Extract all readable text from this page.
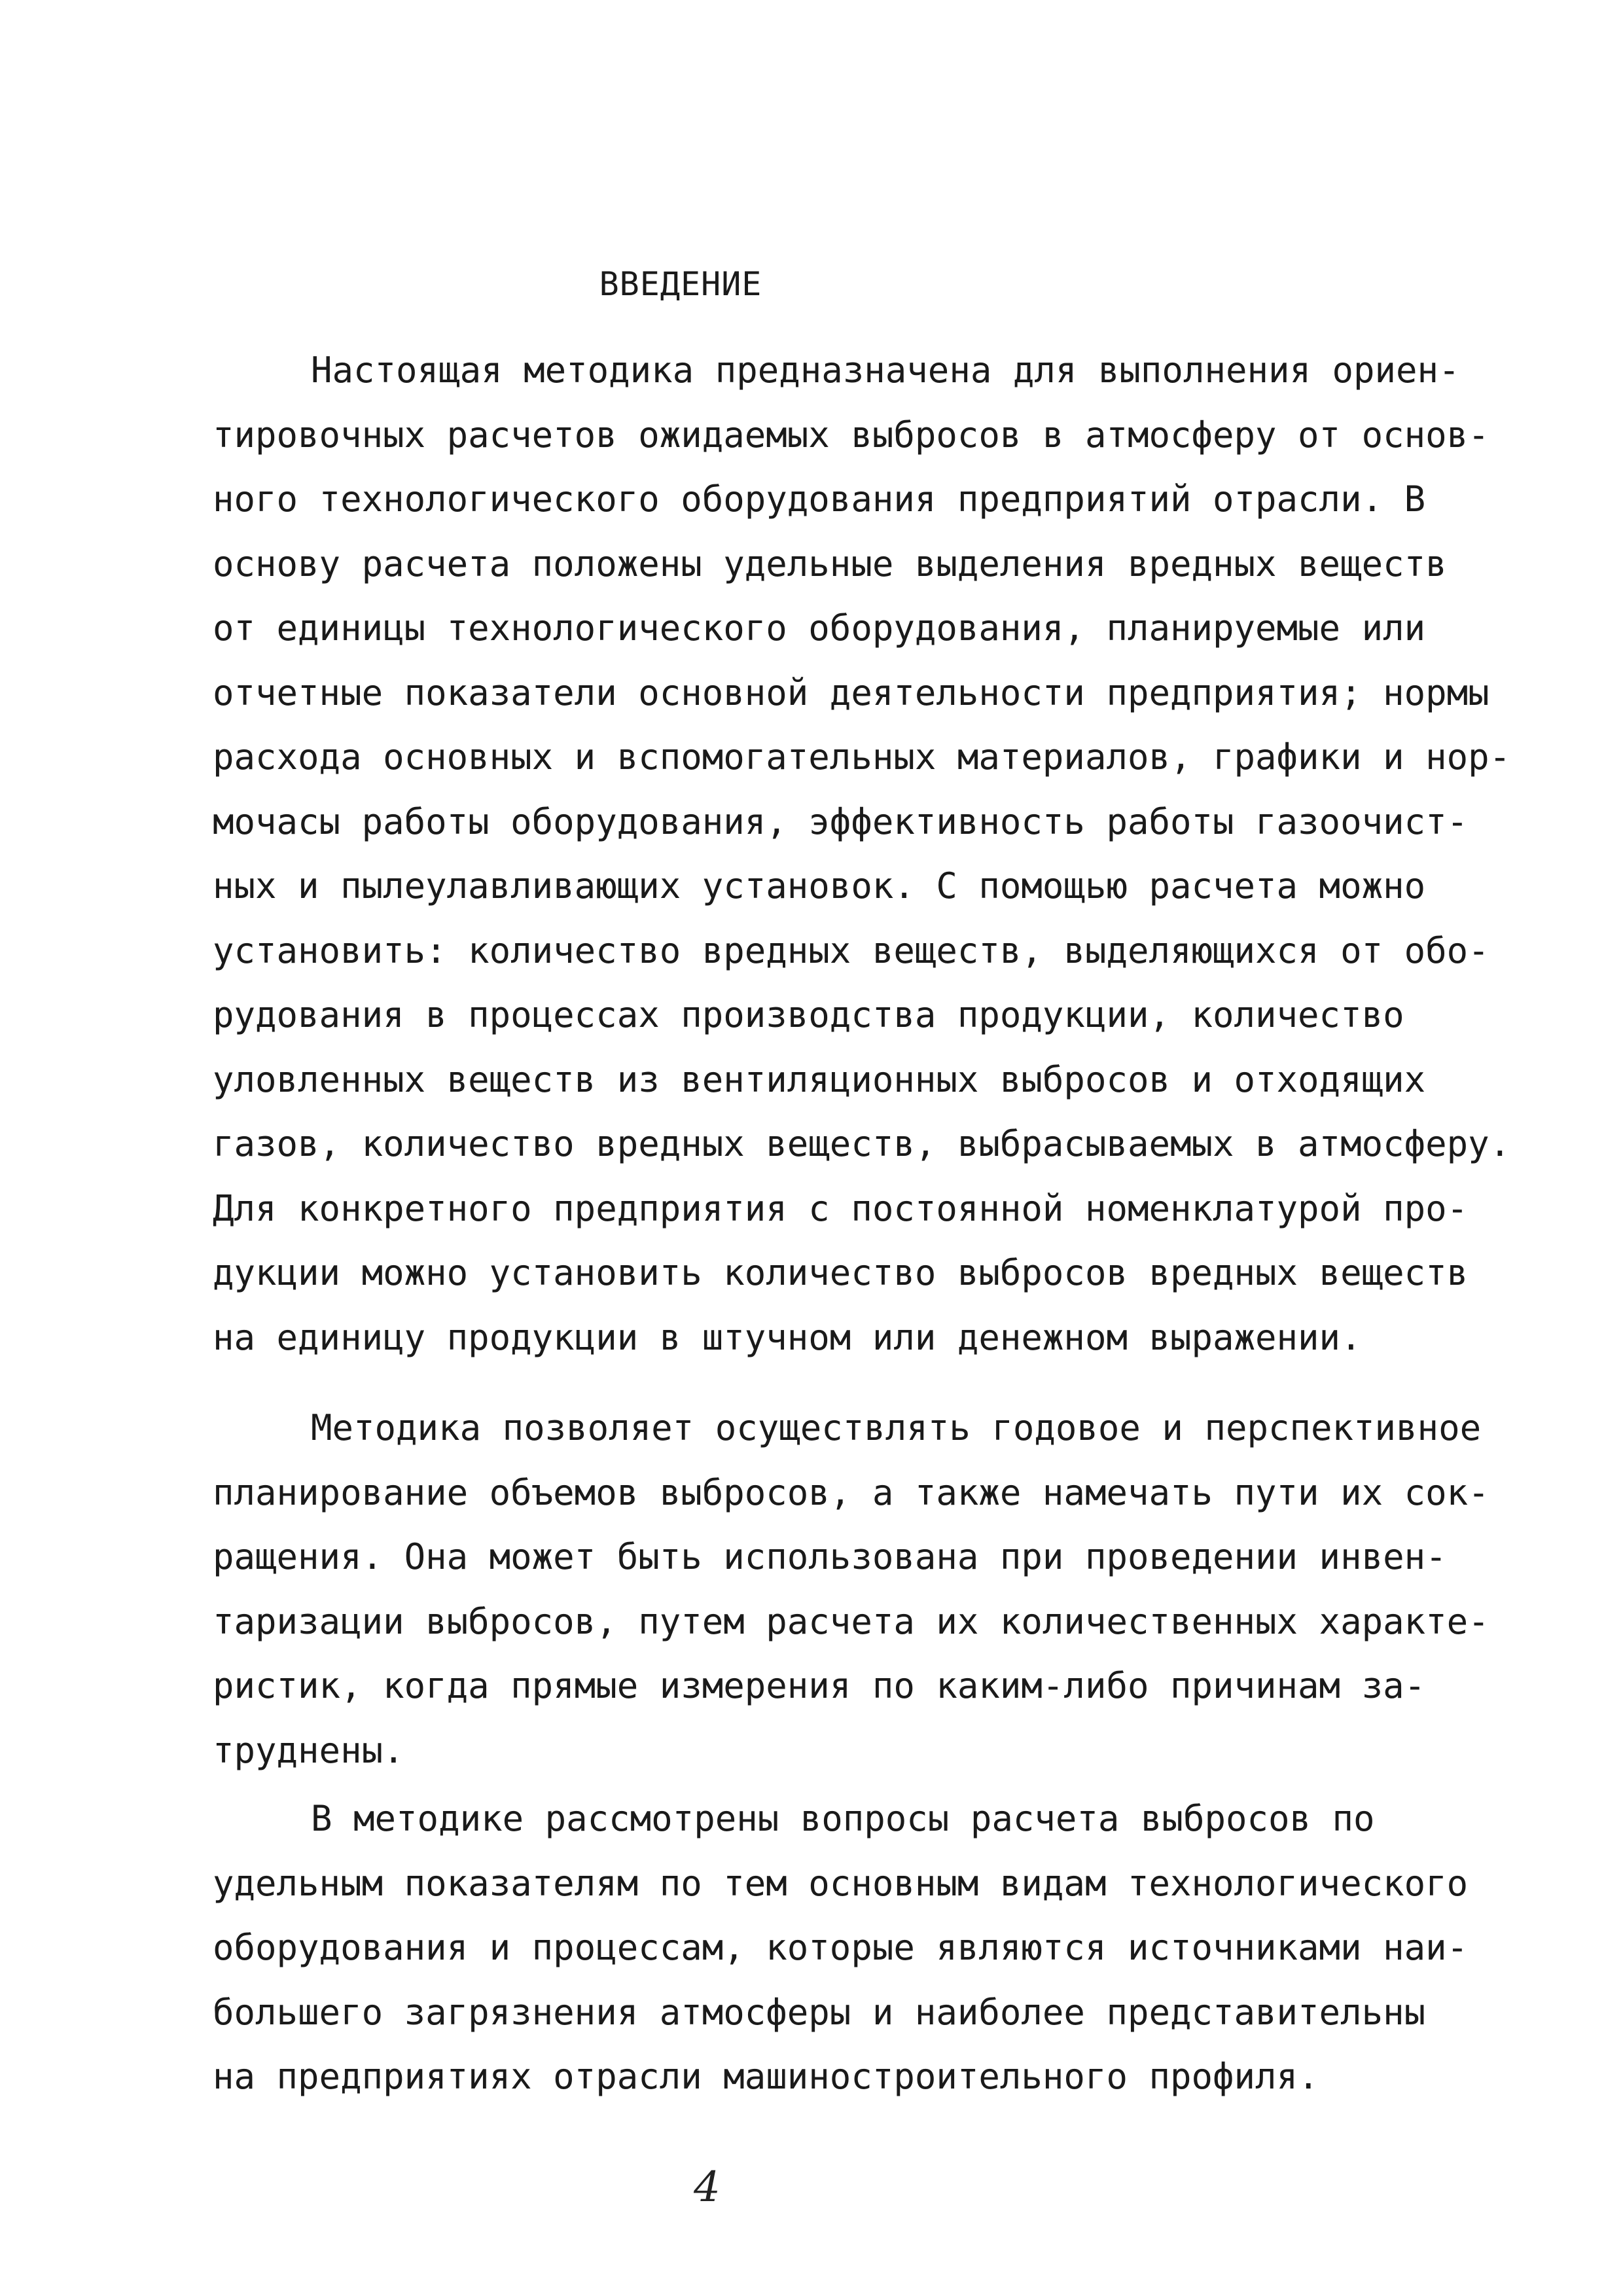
ВВЕДЕНИЕ
Настоящая методика предназначена для выполнения ориен-
тировочных расчетов ожидаемых выбросов в атмосферу от основ-
ного технологического оборудования предприятий отрасли. В
основу расчета положены удельные выделения вредных веществ
от единицы технологического оборудования, планируемые или
отчетные показатели основной деятельности предприятия; нормы
расхода основных и вспомогательных материалов, графики и нор-
мочасы работы оборудования, эффективность работы газоочист-
ных и пылеулавливающих установок. С помощью расчета можно
установить: количество вредных веществ, выделяющихся от обо-
рудования в процессах производства продукции, количество
уловленных веществ из вентиляционных выбросов и отходящих
газов, количество вредных веществ, выбрасываемых в атмосферу.
Для конкретного предприятия с постоянной номенклатурой про-
дукции можно установить количество выбросов вредных веществ
на единицу продукции в штучном или денежном выражении.
Методика позволяет осуществлять годовое и перспективное
планирование объемов выбросов, а также намечать пути их сок-
ращения. Она может быть использована при проведении инвен-
таризации выбросов, путем расчета их количественных характе-
ристик, когда прямые измерения по каким-либо причинам за-
труднены.
В методике рассмотрены вопросы расчета выбросов по
удельным показателям по тем основным видам технологического
оборудования и процессам, которые являются источниками наи-
большего загрязнения атмосферы и наиболее представительны
на предприятиях отрасли машиностроительного профиля.
4
